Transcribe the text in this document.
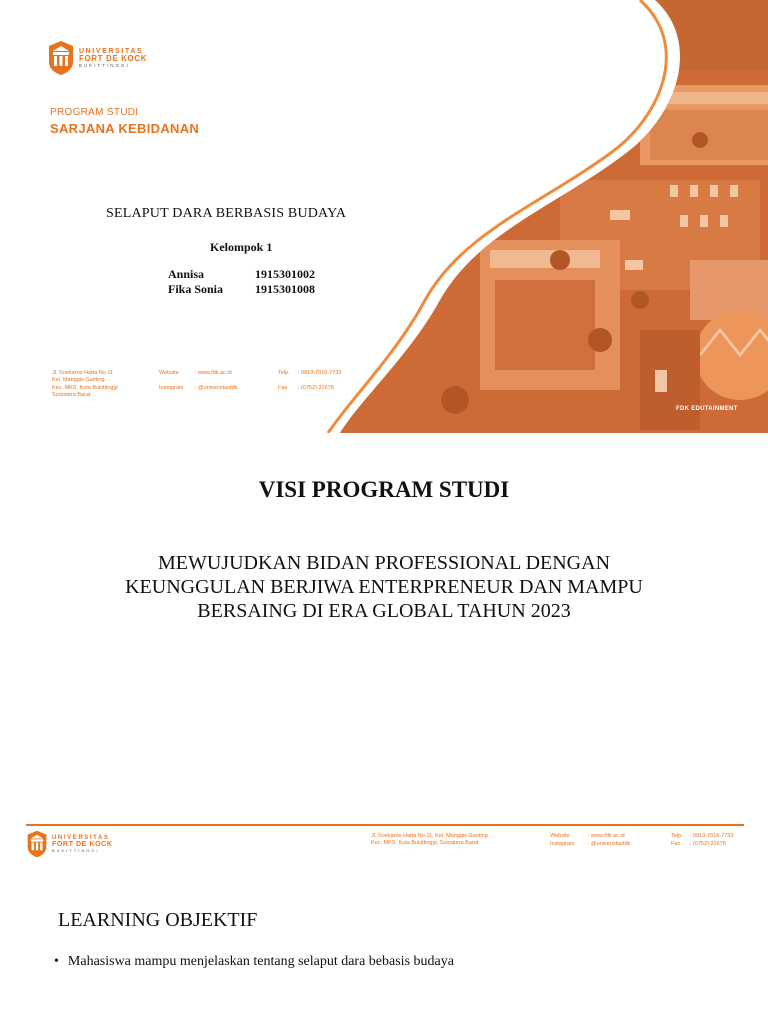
UNIVERSITAS
FORT DE KOCK
BUKITTINGGI
PROGRAM STUDI
SARJANA KEBIDANAN
SELAPUT DARA BERBASIS BUDAYA
Kelompok 1
Annisa	1915301002
Fika Sonia	1915301008
Jl. Soekarno Hatta No.11
Kel. Manggis Ganting
Kec. MKS. Kota Bukittinggi
Sumatera Barat
Website	: www.fdk.ac.id
Instagram : @universitasfdk
Telp. : 0813-7016-7733
Fax : (0752) 31678
FDK EDUTAINMENT
VISI PROGRAM STUDI
MEWUJUDKAN BIDAN PROFESSIONAL DENGAN
KEUNGGULAN BERJIWA ENTERPRENEUR DAN MAMPU
BERSAING DI ERA GLOBAL TAHUN 2023
UNIVERSITAS
FORT DE KOCK
BUKITTINGGI
Jl. Soekarno Hatta No.11, Kel. Manggis Ganting
Kec. MKS. Kota Bukittinggi, Sumatera Barat
Website	: www.fdk.ac.id
Instagram : @universitasfdk
Telp. : 0813-7016-7733
Fax : (0752) 31678
LEARNING OBJEKTIF
• Mahasiswa mampu menjelaskan tentang selaput dara bebasis budaya
